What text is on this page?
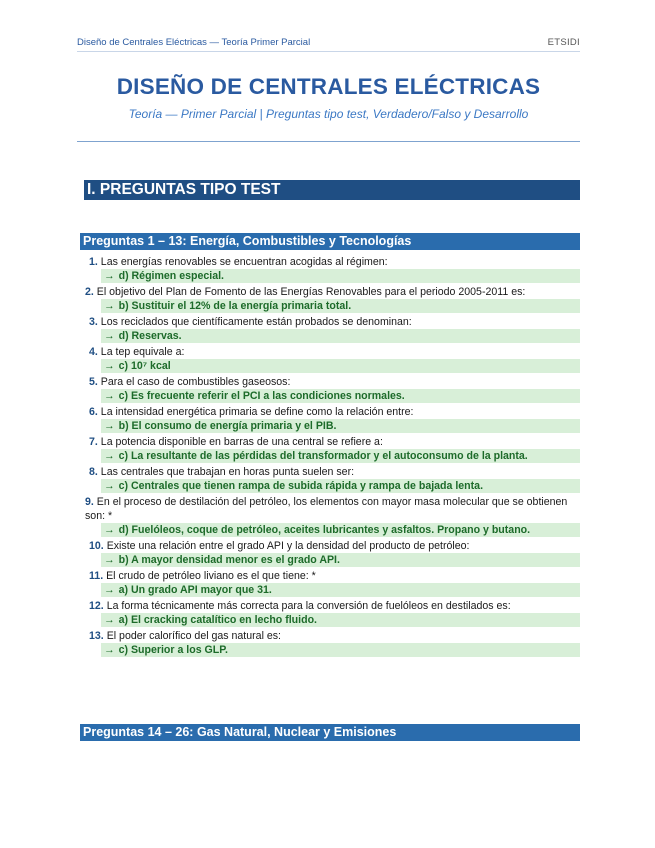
Diseño de Centrales Eléctricas — Teoría Primer Parcial	ETSIDI
DISEÑO DE CENTRALES ELÉCTRICAS
Teoría — Primer Parcial | Preguntas tipo test, Verdadero/Falso y Desarrollo
I. PREGUNTAS TIPO TEST
Preguntas 1 – 13: Energía, Combustibles y Tecnologías
1. Las energías renovables se encuentran acogidas al régimen:
→ d) Régimen especial.
2. El objetivo del Plan de Fomento de las Energías Renovables para el periodo 2005-2011 es:
→ b) Sustituir el 12% de la energía primaria total.
3. Los reciclados que científicamente están probados se denominan:
→ d) Reservas.
4. La tep equivale a:
→ c) 10⁷ kcal
5. Para el caso de combustibles gaseosos:
→ c) Es frecuente referir el PCI a las condiciones normales.
6. La intensidad energética primaria se define como la relación entre:
→ b) El consumo de energía primaria y el PIB.
7. La potencia disponible en barras de una central se refiere a:
→ c) La resultante de las pérdidas del transformador y el autoconsumo de la planta.
8. Las centrales que trabajan en horas punta suelen ser:
→ c) Centrales que tienen rampa de subida rápida y rampa de bajada lenta.
9. En el proceso de destilación del petróleo, los elementos con mayor masa molecular que se obtienen son: *
→ d) Fuelóleos, coque de petróleo, aceites lubricantes y asfaltos. Propano y butano.
10. Existe una relación entre el grado API y la densidad del producto de petróleo:
→ b) A mayor densidad menor es el grado API.
11. El crudo de petróleo liviano es el que tiene: *
→ a) Un grado API mayor que 31.
12. La forma técnicamente más correcta para la conversión de fuelóleos en destilados es:
→ a) El cracking catalítico en lecho fluido.
13. El poder calorífico del gas natural es:
→ c) Superior a los GLP.
Preguntas 14 – 26: Gas Natural, Nuclear y Emisiones
